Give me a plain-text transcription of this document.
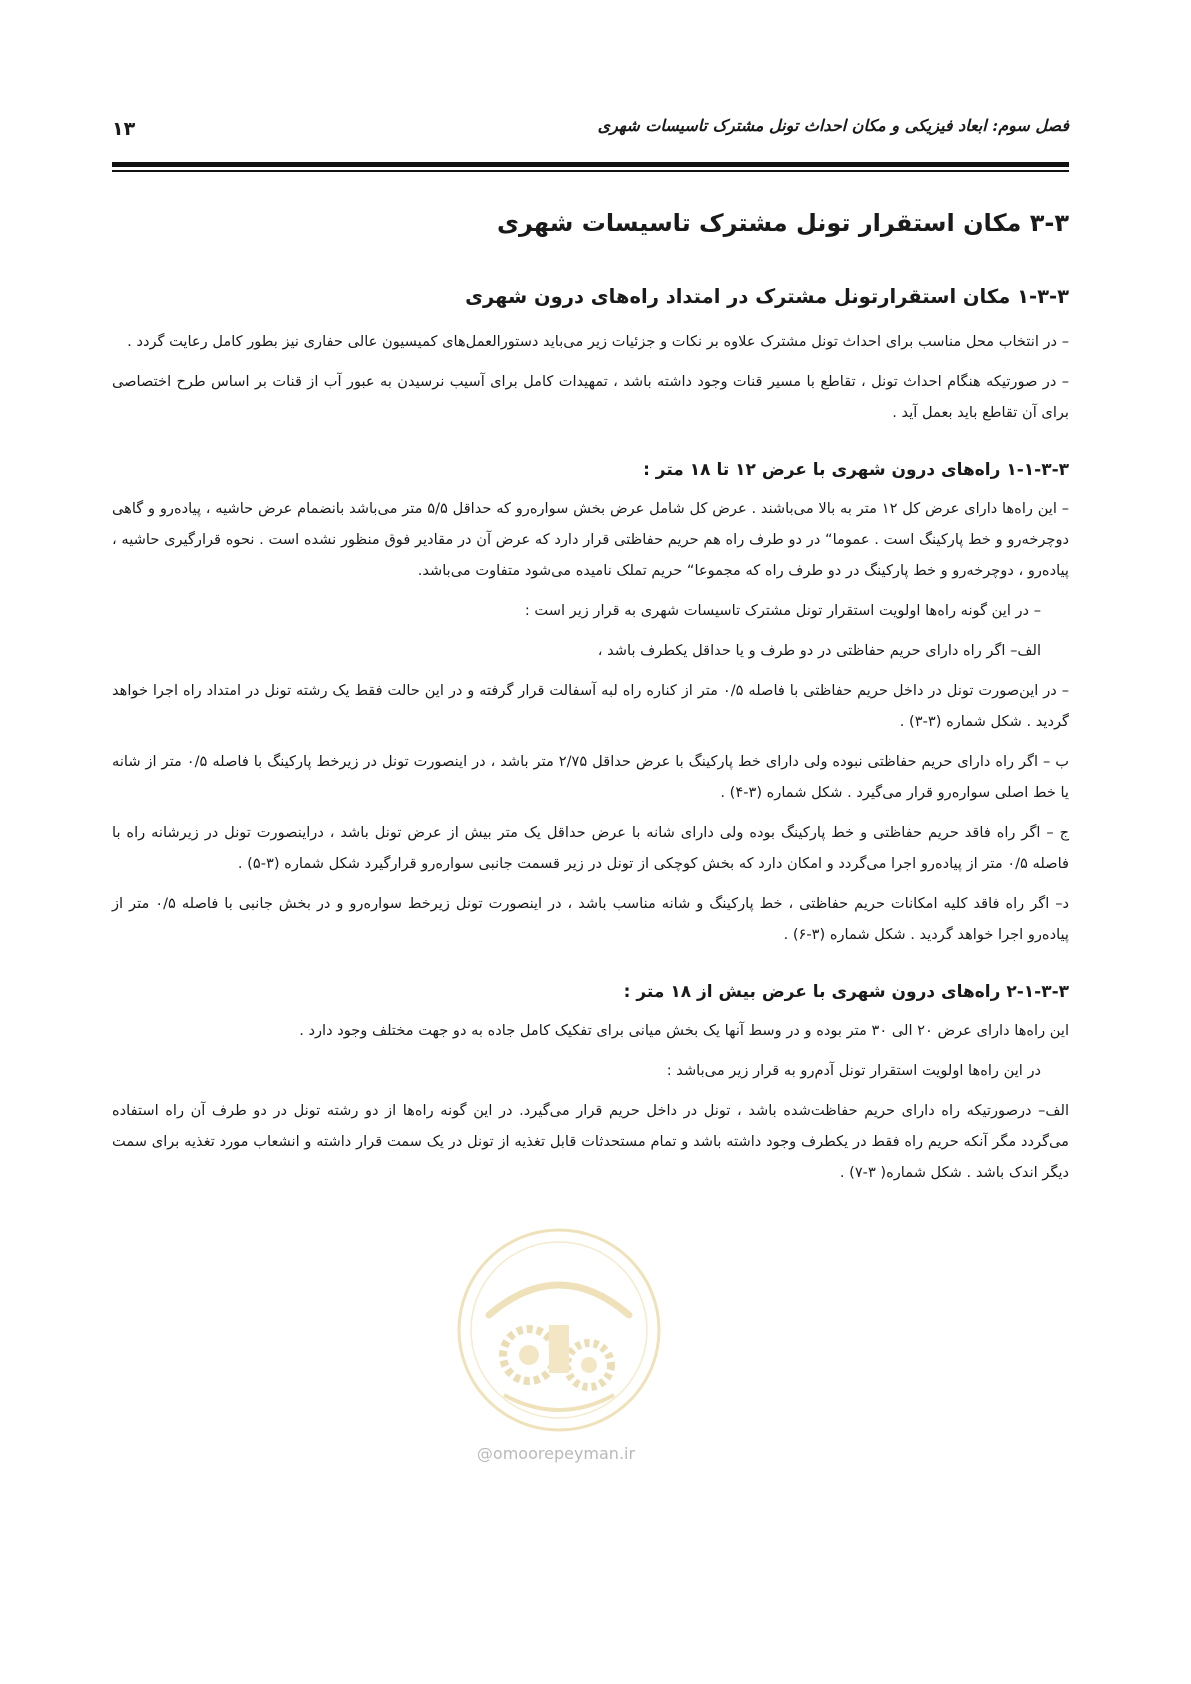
فصل سوم: ابعاد فیزیکی و مکان احداث تونل مشترک تاسیسات شهری
۱۳
۳-۳ مکان استقرار تونل مشترک تاسیسات شهری
۱-۳-۳ مکان استقرارتونل مشترک در امتداد راه‌های درون شهری

– در انتخاب محل مناسب برای احداث تونل مشترک علاوه بر نکات و جزئیات زیر می‌باید دستورالعمل‌های کمیسیون عالی حفاری نیز بطور کامل رعایت گردد .

– در صورتیکه هنگام احداث تونل ، تقاطع با مسیر قنات وجود داشته باشد ، تمهیدات کامل برای آسیب نرسیدن به عبور آب از قنات بر اساس طرح اختصاصی برای آن تقاطع باید بعمل آید .

۱-۱-۳-۳ راه‌های درون شهری با عرض ۱۲ تا ۱۸ متر :

– این راه‌ها دارای عرض کل ۱۲ متر به بالا می‌باشند . عرض کل شامل عرض بخش سواره‌رو که حداقل ۵/۵ متر می‌باشد بانضمام عرض حاشیه ، پیاده‌رو و گاهی دوچرخه‌رو و خط پارکینگ است . عموما“ در دو طرف راه هم حریم حفاظتی قرار دارد که عرض آن در مقادیر فوق منظور نشده است . نحوه قرارگیری حاشیه ، پیاده‌رو ، دوچرخه‌رو و خط پارکینگ در دو طرف راه که مجموعا“ حریم تملک نامیده می‌شود متفاوت می‌باشد.

– در این گونه راه‌ها اولویت استقرار تونل مشترک تاسیسات شهری به قرار زیر است :

الف– اگر راه دارای حریم حفاظتی در دو طرف و یا حداقل یکطرف باشد ،

– در این‌صورت تونل در داخل حریم حفاظتی با فاصله ۰/۵ متر از کناره راه لبه آسفالت قرار گرفته و در این حالت فقط یک رشته تونل در امتداد راه اجرا خواهد گردید . شکل شماره (۳-۳) .

ب – اگر راه دارای حریم حفاظتی نبوده ولی دارای خط پارکینگ با عرض حداقل ۲/۷۵ متر باشد ، در اینصورت تونل در زیرخط پارکینگ با فاصله ۰/۵ متر از شانه یا خط اصلی سواره‌رو قرار می‌گیرد . شکل شماره (۳-۴) .

ج – اگر راه فاقد حریم حفاظتی و خط پارکینگ بوده ولی دارای شانه با عرض حداقل یک متر بیش از عرض تونل باشد ، دراینصورت تونل در زیرشانه راه با فاصله ۰/۵ متر از پیاده‌رو اجرا می‌گردد و امکان دارد که بخش کوچکی از تونل در زیر قسمت جانبی سواره‌رو قرارگیرد شکل شماره (۳-۵) .

د– اگر راه فاقد کلیه امکانات حریم حفاظتی ، خط پارکینگ و شانه مناسب باشد ، در اینصورت تونل زیرخط سواره‌رو و در بخش جانبی با فاصله ۰/۵ متر از پیاده‌رو اجرا خواهد گردید . شکل شماره (۳-۶) .

۲-۱-۳-۳ راه‌های درون شهری با عرض بیش از ۱۸ متر :

این راه‌ها دارای عرض ۲۰ الی ۳۰ متر بوده و در وسط آنها یک بخش میانی برای تفکیک کامل جاده به دو جهت مختلف وجود دارد .

در این راه‌ها اولویت استقرار تونل آدم‌رو به قرار زیر می‌باشد :

الف– درصورتیکه راه دارای حریم حفاظت‌شده باشد ، تونل در داخل حریم قرار می‌گیرد. در این گونه راه‌ها از دو رشته تونل در دو طرف آن راه استفاده می‌گردد مگر آنکه حریم راه فقط در یکطرف وجود داشته باشد و تمام مستحدثات قابل تغذیه از تونل در یک سمت قرار داشته و انشعاب مورد تغذیه برای سمت دیگر اندک باشد . شکل شماره( ۳-۷) .

@omoorepeyman.ir
